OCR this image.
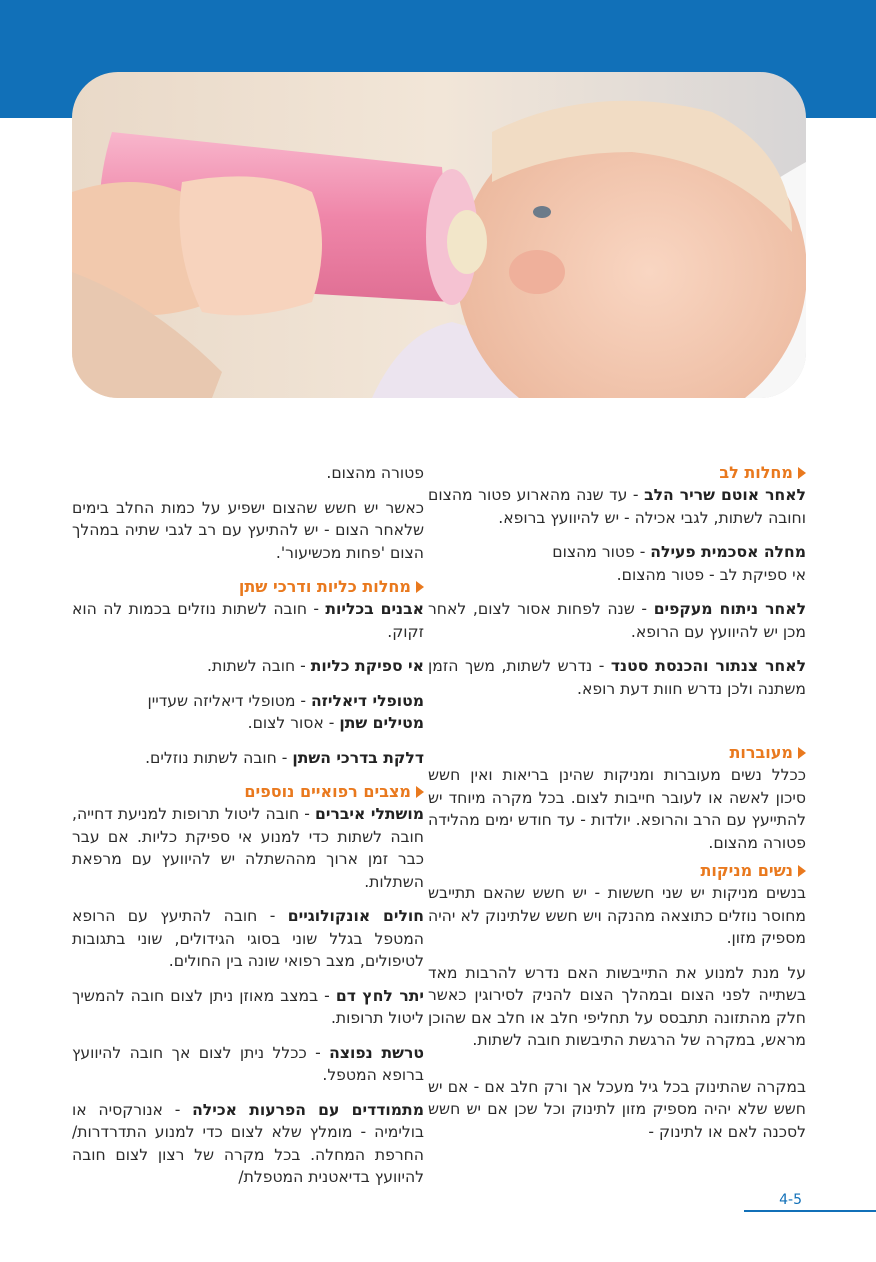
מחלות לב

לאחר אוטם שריר הלב - עד שנה מהארוע פטור מהצום וחובה לשתות, לגבי אכילה - יש להיוועץ ברופא.

מחלה אסכמית פעילה - פטור מהצום
אי ספיקת לב - פטור מהצום.

לאחר ניתוח מעקפים - שנה לפחות אסור לצום, לאחר מכן יש להיוועץ עם הרופא.

לאחר צנתור והכנסת סטנד - נדרש לשתות, משך הזמן משתנה ולכן נדרש חוות דעת רופא.

מעוברות

ככלל נשים מעוברות ומניקות שהינן בריאות ואין חשש סיכון לאשה או לעובר חייבות לצום. בכל מקרה מיוחד יש להתייעץ עם הרב והרופא. יולדות - עד חודש ימים מהלידה פטורה מהצום.

נשים מניקות

בנשים מניקות יש שני חששות - יש חשש שהאם תתייבש מחוסר נוזלים כתוצאה מהנקה ויש חשש שלתינוק לא יהיה מספיק מזון.

על מנת למנוע את התייבשות האם נדרש להרבות מאד בשתייה לפני הצום ובמהלך הצום להניק לסירוגין כאשר חלק מהתזונה תתבסס על תחליפי חלב או חלב אם שהוכן מראש, במקרה של הרגשת התיבשות חובה לשתות.

במקרה שהתינוק בכל גיל מעכל אך ורק חלב אם - אם יש חשש שלא יהיה מספיק מזון לתינוק וכל שכן אם יש חשש לסכנה לאם או לתינוק -

פטורה מהצום.

כאשר יש חשש שהצום ישפיע על כמות החלב בימים שלאחר הצום - יש להתיעץ עם רב לגבי שתיה במהלך הצום 'פחות מכשיעור'.

מחלות כליות ודרכי שתן

אבנים בכליות - חובה לשתות נוזלים בכמות לה הוא זקוק.

אי ספיקת כליות - חובה לשתות.

מטופלי דיאליזה - מטופלי דיאליזה שעדיין
מטילים שתן - אסור לצום.

דלקת בדרכי השתן - חובה לשתות נוזלים.

מצבים רפואיים נוספים

מושתלי איברים - חובה ליטול תרופות למניעת דחייה, חובה לשתות כדי למנוע אי ספיקת כליות. אם עבר כבר זמן ארוך מההשתלה יש להיוועץ עם מרפאת השתלות.

חולים אונקולוגיים - חובה להתיעץ עם הרופא המטפל בגלל שוני בסוגי הגידולים, שוני בתגובות לטיפולים, מצב רפואי שונה בין החולים.

יתר לחץ דם - במצב מאוזן ניתן לצום חובה להמשיך ליטול תרופות.

טרשת נפוצה - ככלל ניתן לצום אך חובה להיוועץ ברופא המטפל.

מתמודדים עם הפרעות אכילה - אנורקסיה או בולימיה - מומלץ שלא לצום כדי למנוע התדרדרות/ החרפת המחלה. בכל מקרה של רצון לצום חובה להיוועץ בדיאטנית המטפלת/

4-5
